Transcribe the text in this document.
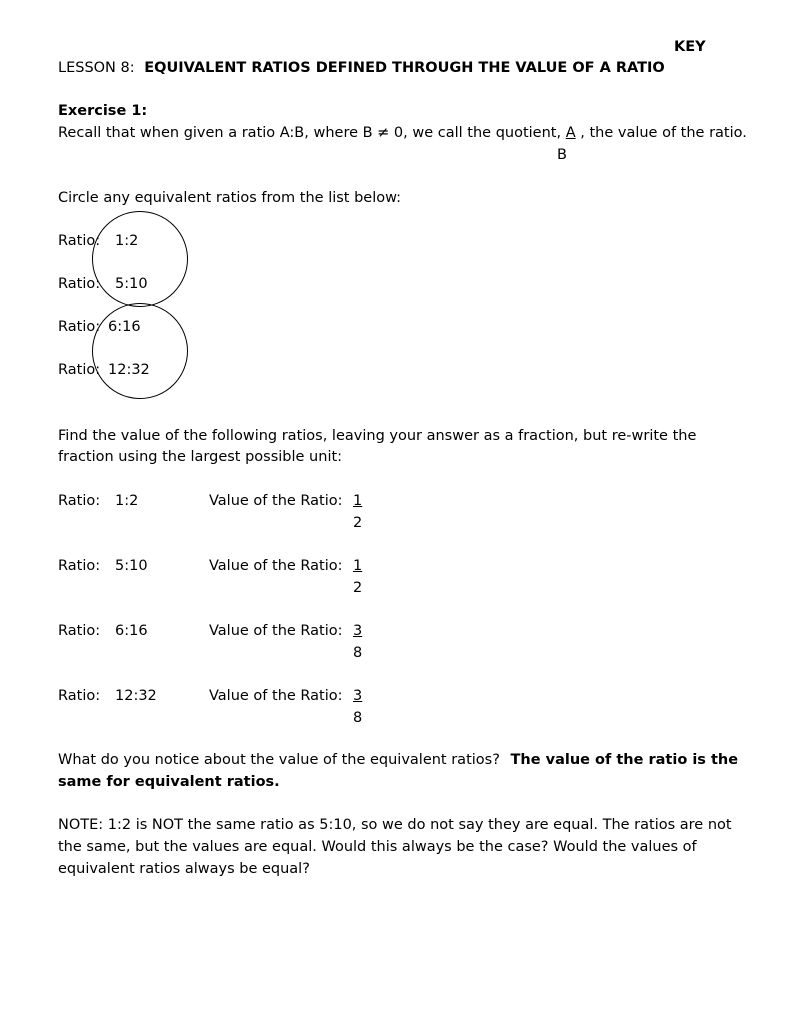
KEY
LESSON 8: EQUIVALENT RATIOS DEFINED THROUGH THE VALUE OF A RATIO
Exercise 1:
Recall that when given a ratio A:B, where B ≠ 0, we call the quotient, A , the value of the ratio.
B
Circle any equivalent ratios from the list below:
Ratio: 1:2
Ratio: 5:10
Ratio: 6:16
Ratio: 12:32
Find the value of the following ratios, leaving your answer as a fraction, but re-write the
fraction using the largest possible unit:
Ratio: 1:2	Value of the Ratio: 1
2
Ratio: 5:10	Value of the Ratio: 1
2
Ratio: 6:16	Value of the Ratio: 3
8
Ratio: 12:32	Value of the Ratio: 3
8
What do you notice about the value of the equivalent ratios? The value of the ratio is the
same for equivalent ratios.
NOTE: 1:2 is NOT the same ratio as 5:10, so we do not say they are equal. The ratios are not
the same, but the values are equal. Would this always be the case? Would the values of
equivalent ratios always be equal?
